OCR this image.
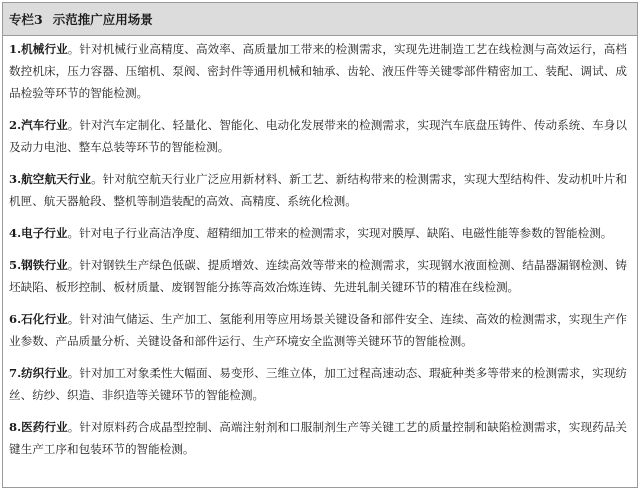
专栏3 示范推广应用场景

1.机械行业。针对机械行业高精度、高效率、高质量加工带来的检测需求，实现先进制造工艺在线检测与高效运行，高档数控机床，压力容器、压缩机、泵阀、密封件等通用机械和轴承、齿轮、液压件等关键零部件精密加工、装配、调试、成品检验等环节的智能检测。

2.汽车行业。针对汽车定制化、轻量化、智能化、电动化发展带来的检测需求，实现汽车底盘压铸件、传动系统、车身以及动力电池、整车总装等环节的智能检测。

3.航空航天行业。针对航空航天行业广泛应用新材料、新工艺、新结构带来的检测需求，实现大型结构件、发动机叶片和机匣、航天器舱段、整机等制造装配的高效、高精度、系统化检测。

4.电子行业。针对电子行业高洁净度、超精细加工带来的检测需求，实现对膜厚、缺陷、电磁性能等参数的智能检测。

5.钢铁行业。针对钢铁生产绿色低碳、提质增效、连续高效等带来的检测需求，实现钢水液面检测、结晶器漏钢检测、铸坯缺陷、板形控制、板材质量、废钢智能分拣等高效冶炼连铸、先进轧制关键环节的精准在线检测。

6.石化行业。针对油气储运、生产加工、氢能利用等应用场景关键设备和部件安全、连续、高效的检测需求，实现生产作业参数、产品质量分析、关键设备和部件运行、生产环境安全监测等关键环节的智能检测。

7.纺织行业。针对加工对象柔性大幅面、易变形、三维立体，加工过程高速动态、瑕疵种类多等带来的检测需求，实现纺丝、纺纱、织造、非织造等关键环节的智能检测。

8.医药行业。针对原料药合成晶型控制、高端注射剂和口服制剂生产等关键工艺的质量控制和缺陷检测需求，实现药品关键生产工序和包装环节的智能检测。
